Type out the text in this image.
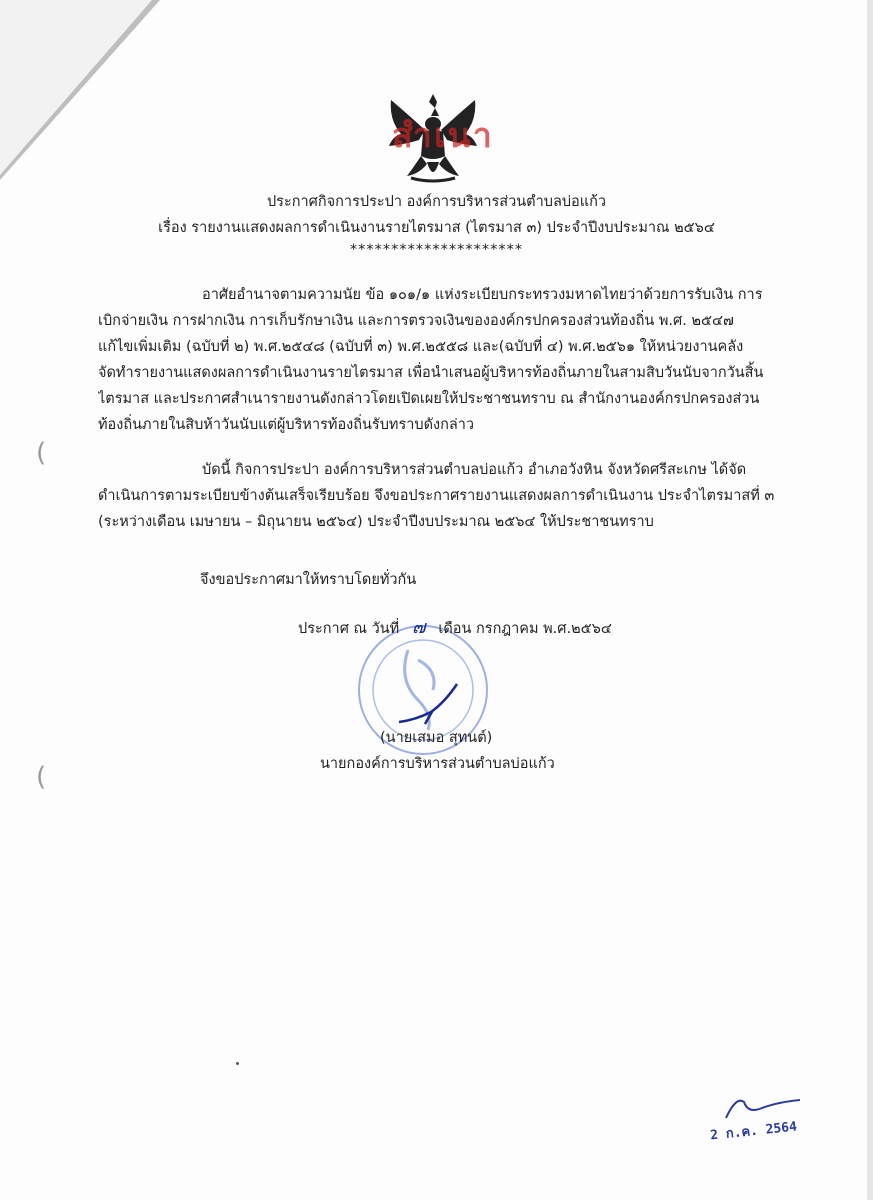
สำเนา
ประกาศกิจการประปา องค์การบริหารส่วนตำบลบ่อแก้ว
เรื่อง รายงานแสดงผลการดำเนินงานรายไตรมาส (ไตรมาส ๓) ประจำปีงบประมาณ ๒๕๖๔
*********************
อาศัยอำนาจตามความนัย ข้อ ๑๐๑/๑ แห่งระเบียบกระทรวงมหาดไทยว่าด้วยการรับเงิน การ
เบิกจ่ายเงิน การฝากเงิน การเก็บรักษาเงิน และการตรวจเงินขององค์กรปกครองส่วนท้องถิ่น พ.ศ. ๒๕๔๗
แก้ไขเพิ่มเติม (ฉบับที่ ๒) พ.ศ.๒๕๔๘ (ฉบับที่ ๓) พ.ศ.๒๕๕๘ และ(ฉบับที่ ๔) พ.ศ.๒๕๖๑ ให้หน่วยงานคลัง
จัดทำรายงานแสดงผลการดำเนินงานรายไตรมาส เพื่อนำเสนอผู้บริหารท้องถิ่นภายในสามสิบวันนับจากวันสิ้น
ไตรมาส และประกาศสำเนารายงานดังกล่าวโดยเปิดเผยให้ประชาชนทราบ ณ สำนักงานองค์กรปกครองส่วน
ท้องถิ่นภายในสิบห้าวันนับแต่ผู้บริหารท้องถิ่นรับทราบดังกล่าว
บัดนี้ กิจการประปา องค์การบริหารส่วนตำบลบ่อแก้ว อำเภอวังหิน จังหวัดศรีสะเกษ ได้จัด
ดำเนินการตามระเบียบข้างต้นเสร็จเรียบร้อย จึงขอประกาศรายงานแสดงผลการดำเนินงาน ประจำไตรมาสที่ ๓
(ระหว่างเดือน เมษายน – มิถุนายน ๒๕๖๔) ประจำปีงบประมาณ ๒๕๖๔ ให้ประชาชนทราบ
จึงขอประกาศมาให้ทราบโดยทั่วกัน
ประกาศ ณ วันที่ ๗ เดือน กรกฎาคม พ.ศ.๒๕๖๔
(นายเสมอ สุทนต์)
นายกองค์การบริหารส่วนตำบลบ่อแก้ว
(
(
2 ก.ค. 2564
